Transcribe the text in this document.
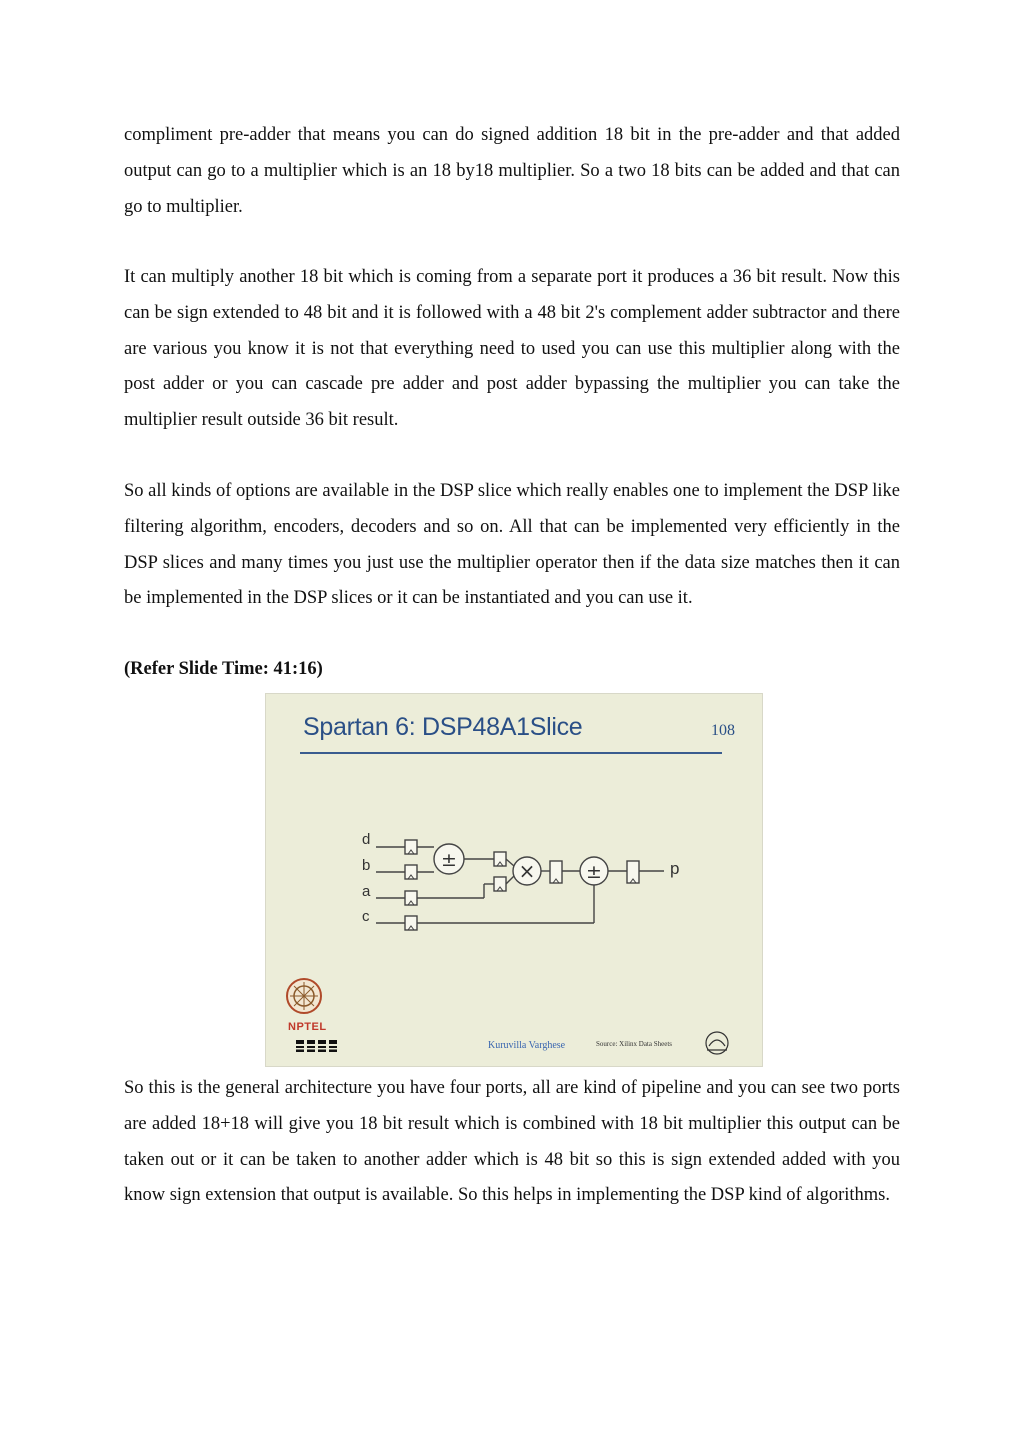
compliment pre-adder that means you can do signed addition 18 bit in the pre-adder and that added output can go to a multiplier which is an 18 by18 multiplier. So a two 18 bits can be added and that can go to multiplier.

It can multiply another 18 bit which is coming from a separate port it produces a 36 bit result. Now this can be sign extended to 48 bit and it is followed with a 48 bit 2's complement adder subtractor and there are various you know it is not that everything need to used you can use this multiplier along with the post adder or you can cascade pre adder and post adder bypassing the multiplier you can take the multiplier result outside 36 bit result.

So all kinds of options are available in the DSP slice which really enables one to implement the DSP like filtering algorithm, encoders, decoders and so on. All that can be implemented very efficiently in the DSP slices and many times you just use the multiplier operator then if the data size matches then it can be implemented in the DSP slices or it can be instantiated and you can use it.

(Refer Slide Time: 41:16)

Spartan 6: DSP48A1Slice	108
±	×	±
d
b
a
c
p
NPTEL
Kuruvilla Varghese	Source: Xilinx Data Sheets

So this is the general architecture you have four ports, all are kind of pipeline and you can see two ports are added 18+18 will give you 18 bit result which is combined with 18 bit multiplier this output can be taken out or it can be taken to another adder which is 48 bit so this is sign extended added with you know sign extension that output is available. So this helps in implementing the DSP kind of algorithms.
